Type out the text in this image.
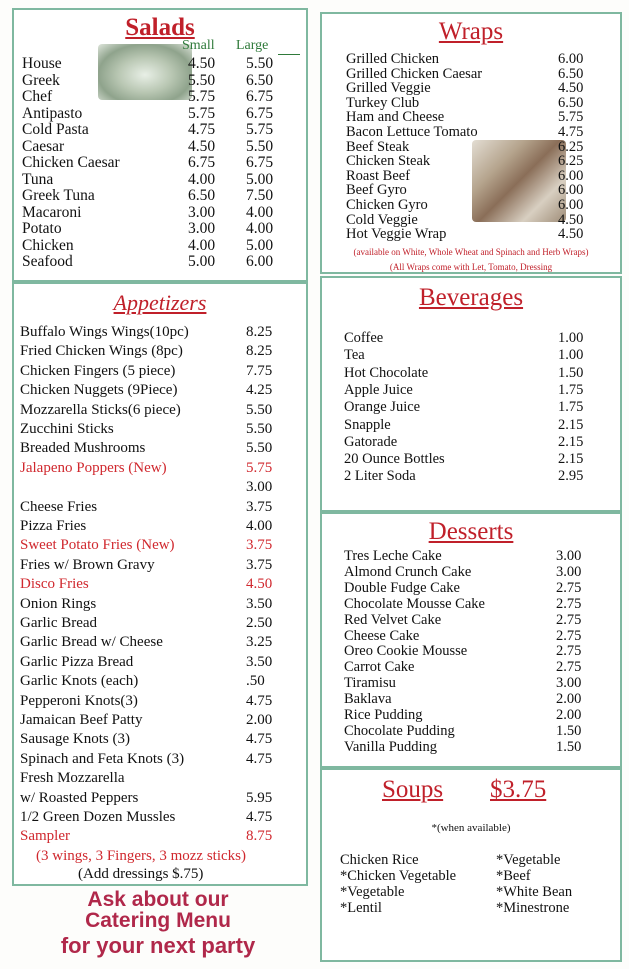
Salads
Small Large
House	4.50 5.50
Greek	5.50 6.50
Chef	5.75 6.75
Antipasto	5.75 6.75
Cold Pasta	4.75 5.75
Caesar	4.50 5.50
Chicken Caesar	6.75 6.75
Tuna	4.00 5.00
Greek Tuna	6.50 7.50
Macaroni	3.00 4.00
Potato	3.00 4.00
Chicken	4.00 5.00
Seafood	5.00 6.00
Appetizers
Buffalo Wings Wings(10pc)	8.25
Fried Chicken Wings (8pc)	8.25
Chicken Fingers (5 piece)	7.75
Chicken Nuggets (9Piece)	4.25
Mozzarella Sticks(6 piece)	5.50
Zucchini Sticks	5.50
Breaded Mushrooms	5.50
Jalapeno Poppers (New)	5.75
3.00
Cheese Fries	3.75
Pizza Fries	4.00
Sweet Potato Fries (New)	3.75
Fries w/ Brown Gravy	3.75
Disco Fries	4.50
Onion Rings	3.50
Garlic Bread	2.50
Garlic Bread w/ Cheese	3.25
Garlic Pizza Bread	3.50
Garlic Knots (each)	.50
Pepperoni Knots(3)	4.75
Jamaican Beef Patty	2.00
Sausage Knots (3)	4.75
Spinach and Feta Knots (3)	4.75
Fresh Mozzarella
w/ Roasted Peppers	5.95
1/2 Green Dozen Mussles	4.75
Sampler	8.75
(3 wings, 3 Fingers, 3 mozz sticks)
(Add dressings $.75)
Ask about our
Catering Menu
for your next party
Wraps
Grilled Chicken	6.00
Grilled Chicken Caesar	6.50
Grilled Veggie	4.50
Turkey Club	6.50
Ham and Cheese	5.75
Bacon Lettuce Tomato	4.75
Beef Steak	6.25
Chicken Steak	6.25
Roast Beef	6.00
Beef Gyro	6.00
Chicken Gyro	6.00
Cold Veggie	4.50
Hot Veggie Wrap	4.50
(available on White, Whole Wheat and Spinach and Herb Wraps)
(All Wraps come with Let, Tomato, Dressing
Beverages
Coffee	1.00
Tea	1.00
Hot Chocolate	1.50
Apple Juice	1.75
Orange Juice	1.75
Snapple	2.15
Gatorade	2.15
20 Ounce Bottles	2.15
2 Liter Soda	2.95
Desserts
Tres Leche Cake	3.00
Almond Crunch Cake	3.00
Double Fudge Cake	2.75
Chocolate Mousse Cake	2.75
Red Velvet Cake	2.75
Cheese Cake	2.75
Oreo Cookie Mousse	2.75
Carrot Cake	2.75
Tiramisu	3.00
Baklava	2.00
Rice Pudding	2.00
Chocolate Pudding	1.50
Vanilla Pudding	1.50
Soups $3.75
*(when available)
Chicken Rice
*Chicken Vegetable
*Vegetable
*Lentil
*Vegetable
*Beef
*White Bean
*Minestrone
